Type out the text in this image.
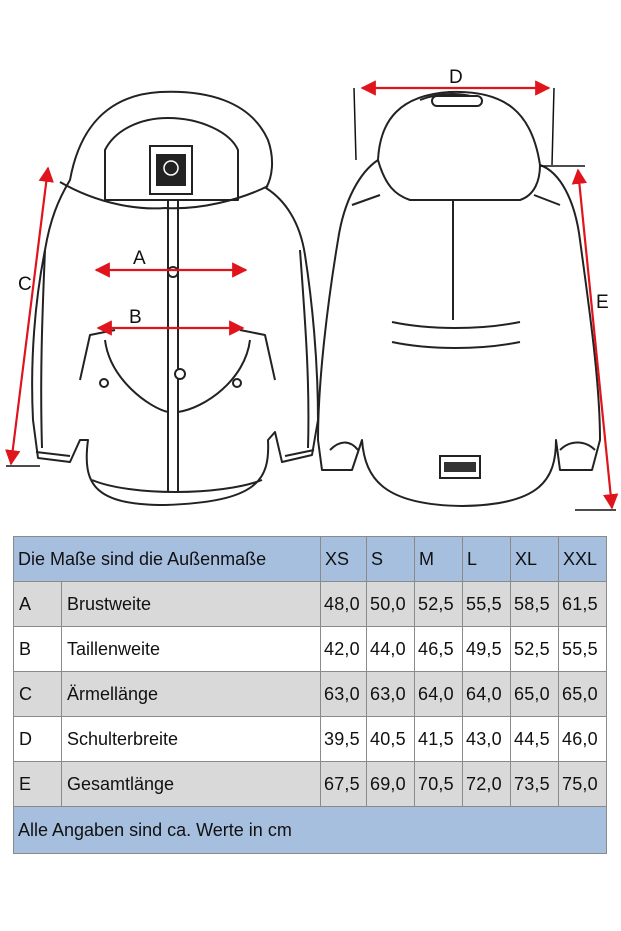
A
B
C
D
E
Die Maße sind die Außenmaße		XS	S	M	L	XL	XXL
A	Brustweite	48,0	50,0	52,5	55,5	58,5	61,5
B	Taillenweite	42,0	44,0	46,5	49,5	52,5	55,5
C	Ärmellänge	63,0	63,0	64,0	64,0	65,0	65,0
D	Schulterbreite	39,5	40,5	41,5	43,0	44,5	46,0
E	Gesamtlänge	67,5	69,0	70,5	72,0	73,5	75,0
Alle Angaben sind ca. Werte in cm							
